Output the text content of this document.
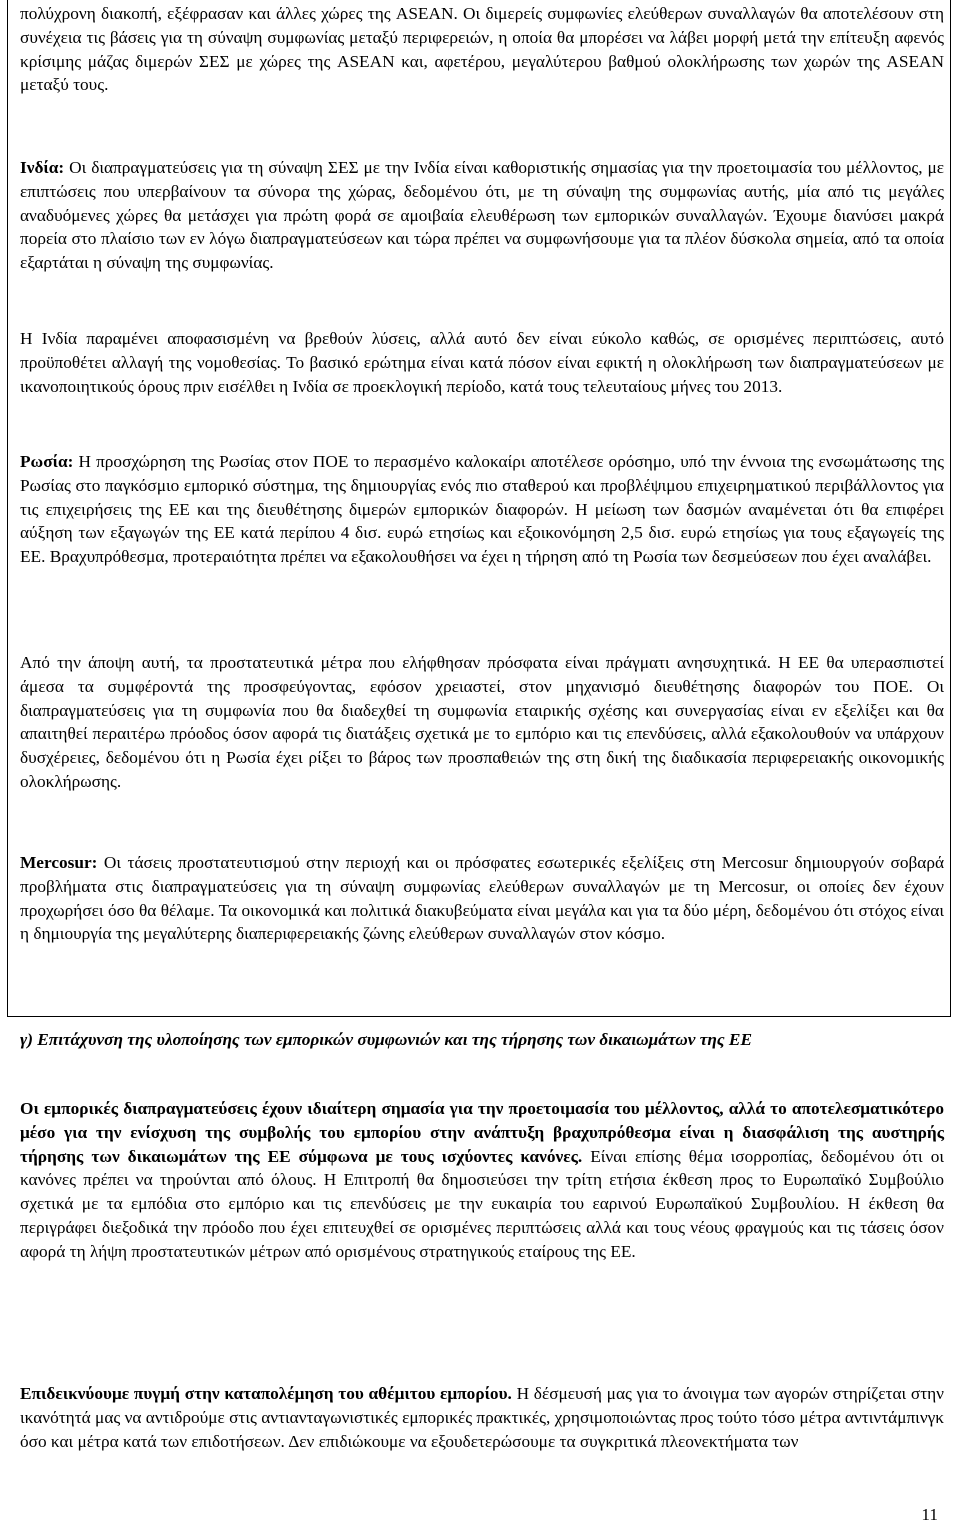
πολύχρονη διακοπή, εξέφρασαν και άλλες χώρες της ASEAN. Οι διμερείς συμφωνίες ελεύθερων συναλλαγών θα αποτελέσουν στη συνέχεια τις βάσεις για τη σύναψη συμφωνίας μεταξύ περιφερειών, η οποία θα μπορέσει να λάβει μορφή μετά την επίτευξη αφενός κρίσιμης μάζας διμερών ΣΕΣ με χώρες της ASEAN και, αφετέρου, μεγαλύτερου βαθμού ολοκλήρωσης των χωρών της ASEAN μεταξύ τους.

Ινδία: Οι διαπραγματεύσεις για τη σύναψη ΣΕΣ με την Ινδία είναι καθοριστικής σημασίας για την προετοιμασία του μέλλοντος, με επιπτώσεις που υπερβαίνουν τα σύνορα της χώρας, δεδομένου ότι, με τη σύναψη της συμφωνίας αυτής, μία από τις μεγάλες αναδυόμενες χώρες θα μετάσχει για πρώτη φορά σε αμοιβαία ελευθέρωση των εμπορικών συναλλαγών. Έχουμε διανύσει μακρά πορεία στο πλαίσιο των εν λόγω διαπραγματεύσεων και τώρα πρέπει να συμφωνήσουμε για τα πλέον δύσκολα σημεία, από τα οποία εξαρτάται η σύναψη της συμφωνίας.

Η Ινδία παραμένει αποφασισμένη να βρεθούν λύσεις, αλλά αυτό δεν είναι εύκολο καθώς, σε ορισμένες περιπτώσεις, αυτό προϋποθέτει αλλαγή της νομοθεσίας. Το βασικό ερώτημα είναι κατά πόσον είναι εφικτή η ολοκλήρωση των διαπραγματεύσεων με ικανοποιητικούς όρους πριν εισέλθει η Ινδία σε προεκλογική περίοδο, κατά τους τελευταίους μήνες του 2013.

Ρωσία: Η προσχώρηση της Ρωσίας στον ΠΟΕ το περασμένο καλοκαίρι αποτέλεσε ορόσημο, υπό την έννοια της ενσωμάτωσης της Ρωσίας στο παγκόσμιο εμπορικό σύστημα, της δημιουργίας ενός πιο σταθερού και προβλέψιμου επιχειρηματικού περιβάλλοντος για τις επιχειρήσεις της ΕΕ και της διευθέτησης διμερών εμπορικών διαφορών. Η μείωση των δασμών αναμένεται ότι θα επιφέρει αύξηση των εξαγωγών της ΕΕ κατά περίπου 4 δισ. ευρώ ετησίως και εξοικονόμηση 2,5 δισ. ευρώ ετησίως για τους εξαγωγείς της ΕΕ. Βραχυπρόθεσμα, προτεραιότητα πρέπει να εξακολουθήσει να έχει η τήρηση από τη Ρωσία των δεσμεύσεων που έχει αναλάβει.

Από την άποψη αυτή, τα προστατευτικά μέτρα που ελήφθησαν πρόσφατα είναι πράγματι ανησυχητικά. Η ΕΕ θα υπερασπιστεί άμεσα τα συμφέροντά της προσφεύγοντας, εφόσον χρειαστεί, στον μηχανισμό διευθέτησης διαφορών του ΠΟΕ. Οι διαπραγματεύσεις για τη συμφωνία που θα διαδεχθεί τη συμφωνία εταιρικής σχέσης και συνεργασίας είναι εν εξελίξει και θα απαιτηθεί περαιτέρω πρόοδος όσον αφορά τις διατάξεις σχετικά με το εμπόριο και τις επενδύσεις, αλλά εξακολουθούν να υπάρχουν δυσχέρειες, δεδομένου ότι η Ρωσία έχει ρίξει το βάρος των προσπαθειών της στη δική της διαδικασία περιφερειακής οικονομικής ολοκλήρωσης.

Mercosur: Οι τάσεις προστατευτισμού στην περιοχή και οι πρόσφατες εσωτερικές εξελίξεις στη Mercosur δημιουργούν σοβαρά προβλήματα στις διαπραγματεύσεις για τη σύναψη συμφωνίας ελεύθερων συναλλαγών με τη Mercosur, οι οποίες δεν έχουν προχωρήσει όσο θα θέλαμε. Τα οικονομικά και πολιτικά διακυβεύματα είναι μεγάλα και για τα δύο μέρη, δεδομένου ότι στόχος είναι η δημιουργία της μεγαλύτερης διαπεριφερειακής ζώνης ελεύθερων συναλλαγών στον κόσμο.

γ) Επιτάχυνση της υλοποίησης των εμπορικών συμφωνιών και της τήρησης των δικαιωμάτων της ΕΕ

Οι εμπορικές διαπραγματεύσεις έχουν ιδιαίτερη σημασία για την προετοιμασία του μέλλοντος, αλλά το αποτελεσματικότερο μέσο για την ενίσχυση της συμβολής του εμπορίου στην ανάπτυξη βραχυπρόθεσμα είναι η διασφάλιση της αυστηρής τήρησης των δικαιωμάτων της ΕΕ σύμφωνα με τους ισχύοντες κανόνες. Είναι επίσης θέμα ισορροπίας, δεδομένου ότι οι κανόνες πρέπει να τηρούνται από όλους. Η Επιτροπή θα δημοσιεύσει την τρίτη ετήσια έκθεση προς το Ευρωπαϊκό Συμβούλιο σχετικά με τα εμπόδια στο εμπόριο και τις επενδύσεις με την ευκαιρία του εαρινού Ευρωπαϊκού Συμβουλίου. Η έκθεση θα περιγράφει διεξοδικά την πρόοδο που έχει επιτευχθεί σε ορισμένες περιπτώσεις αλλά και τους νέους φραγμούς και τις τάσεις όσον αφορά τη λήψη προστατευτικών μέτρων από ορισμένους στρατηγικούς εταίρους της ΕΕ.

Επιδεικνύουμε πυγμή στην καταπολέμηση του αθέμιτου εμπορίου. Η δέσμευσή μας για το άνοιγμα των αγορών στηρίζεται στην ικανότητά μας να αντιδρούμε στις αντιανταγωνιστικές εμπορικές πρακτικές, χρησιμοποιώντας προς τούτο τόσο μέτρα αντιντάμπινγκ όσο και μέτρα κατά των επιδοτήσεων. Δεν επιδιώκουμε να εξουδετερώσουμε τα συγκριτικά πλεονεκτήματα των

11
